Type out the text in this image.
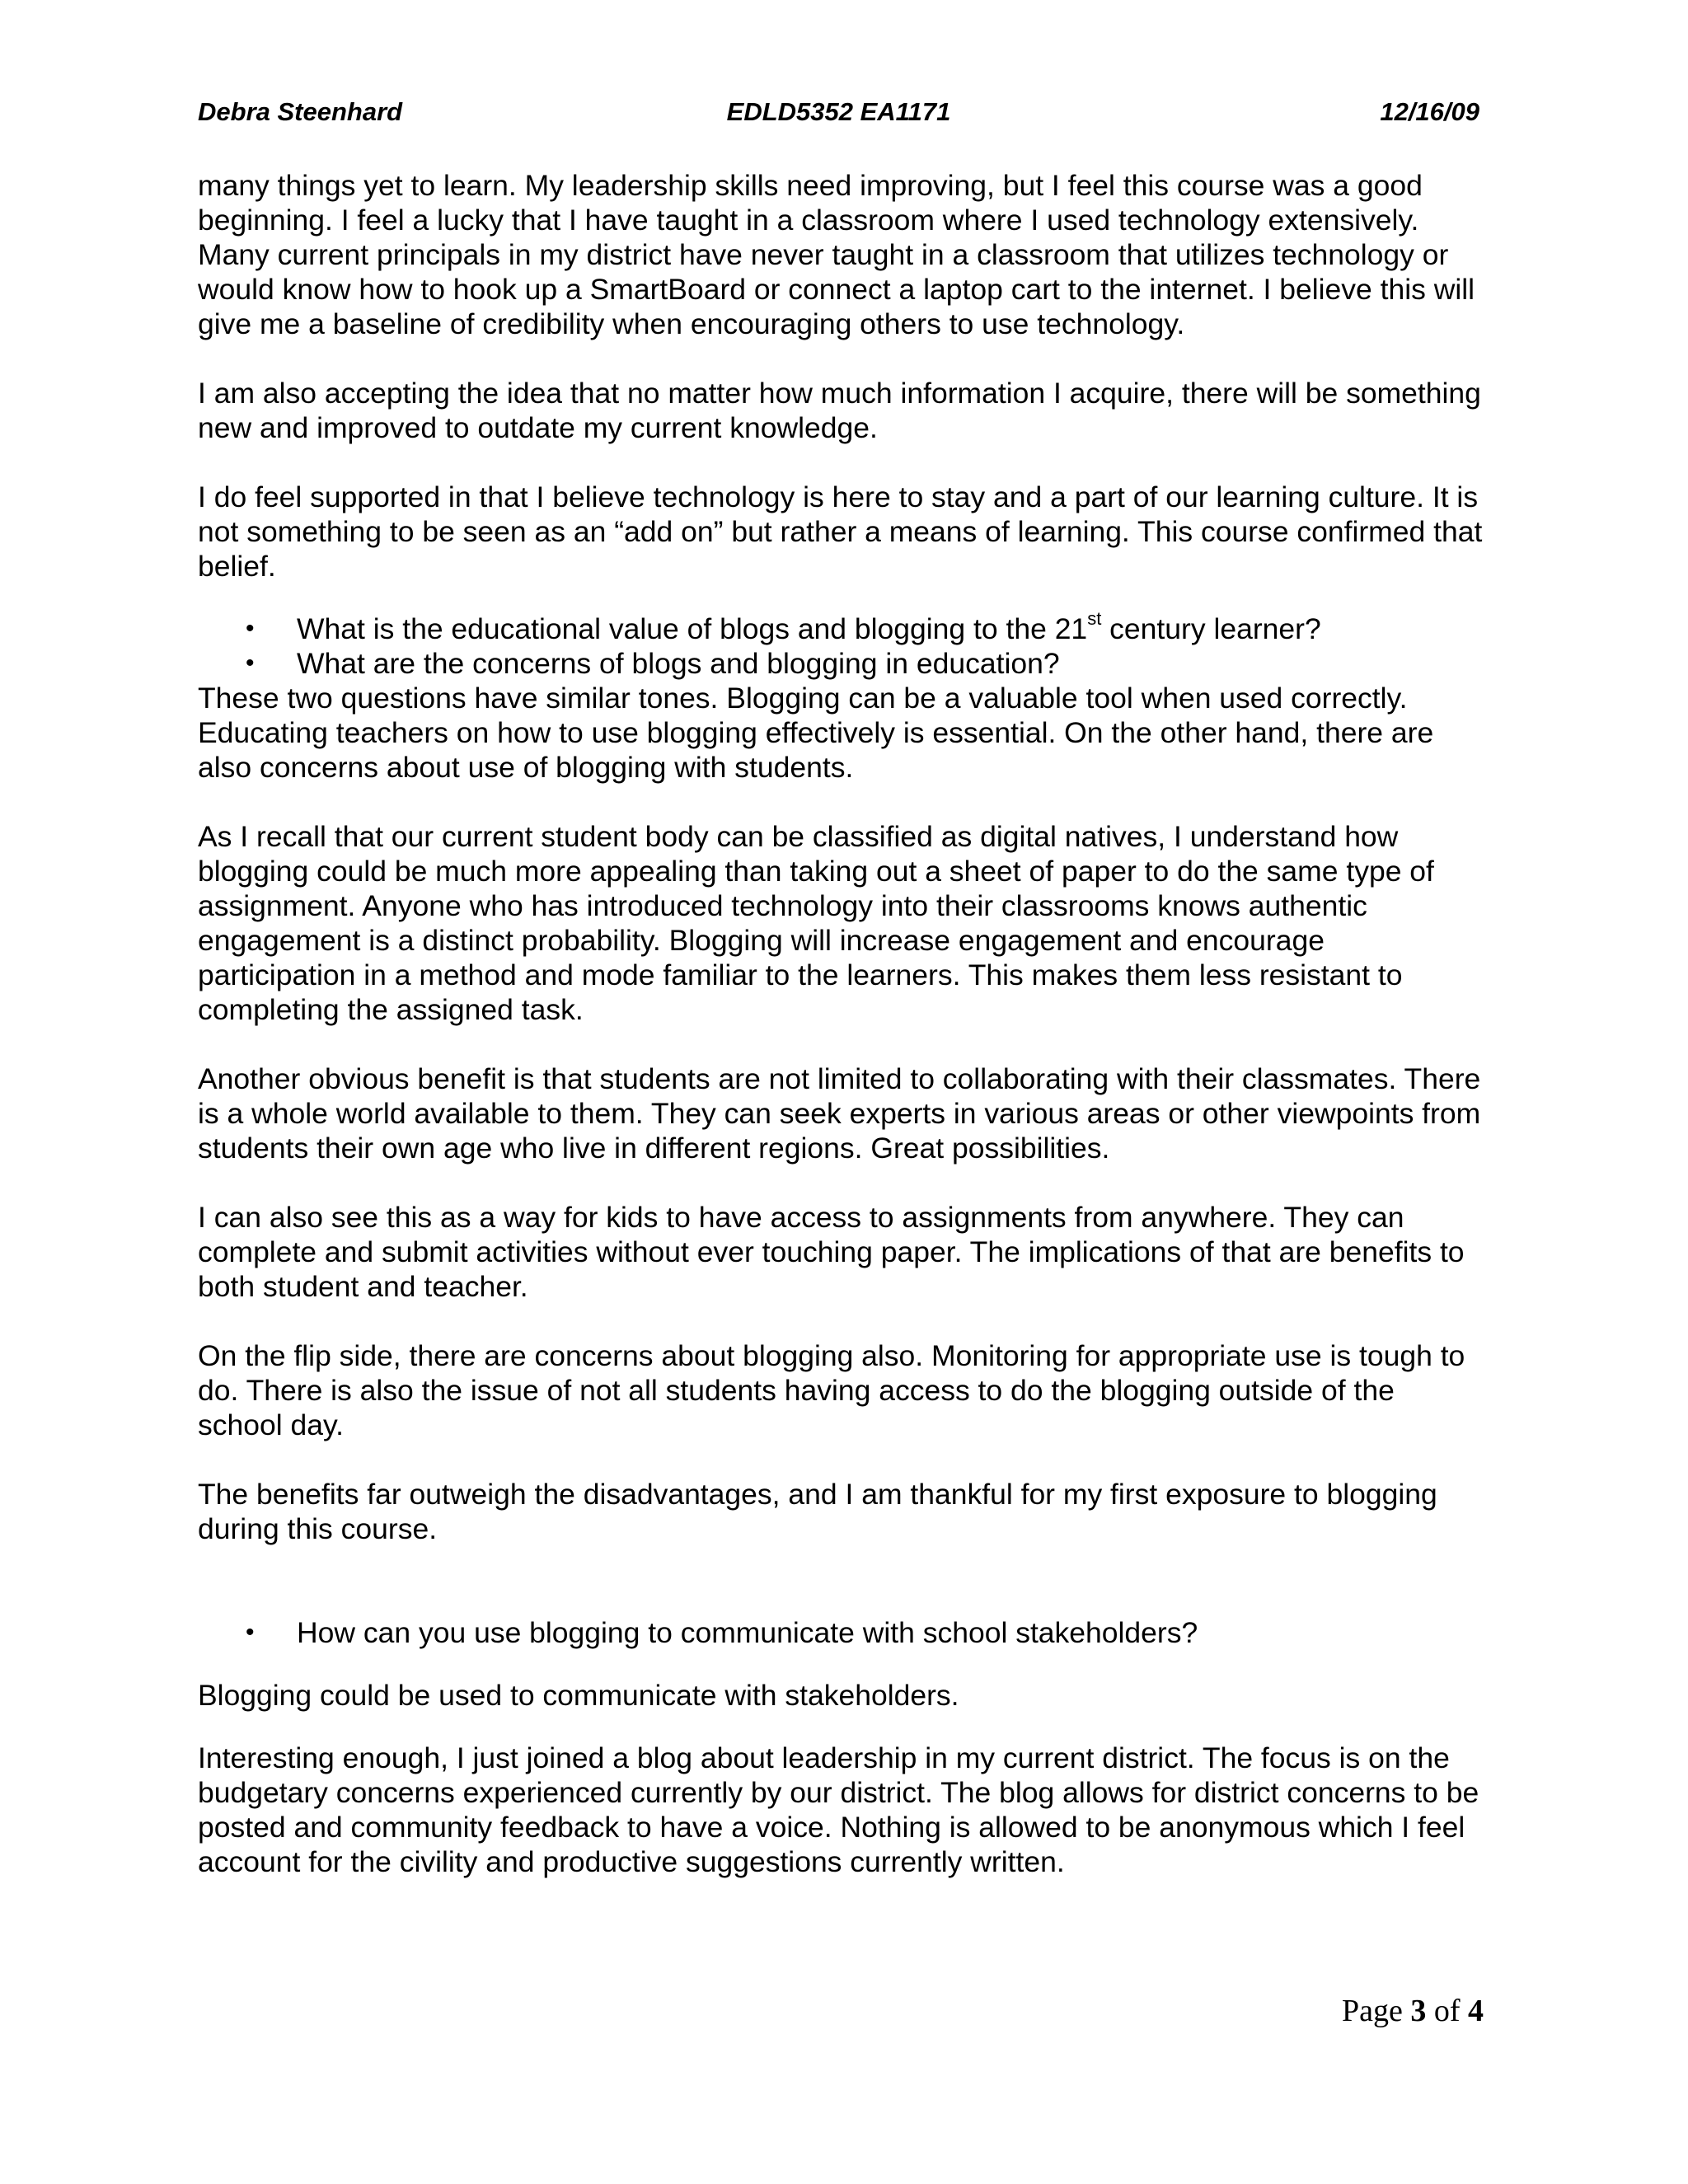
Debra Steenhard	EDLD5352 EA1171	12/16/09

many things yet to learn. My leadership skills need improving, but I feel this course was a good beginning. I feel a lucky that I have taught in a classroom where I used technology extensively. Many current principals in my district have never taught in a classroom that utilizes technology or would know how to hook up a SmartBoard or connect a laptop cart to the internet. I believe this will give me a baseline of credibility when encouraging others to use technology.

I am also accepting the idea that no matter how much information I acquire, there will be something new and improved to outdate my current knowledge.

I do feel supported in that I believe technology is here to stay and a part of our learning culture. It is not something to be seen as an “add on” but rather a means of learning. This course confirmed that belief.

• What is the educational value of blogs and blogging to the 21st century learner?
• What are the concerns of blogs and blogging in education?

These two questions have similar tones. Blogging can be a valuable tool when used correctly. Educating teachers on how to use blogging effectively is essential. On the other hand, there are also concerns about use of blogging with students.

As I recall that our current student body can be classified as digital natives, I understand how blogging could be much more appealing than taking out a sheet of paper to do the same type of assignment. Anyone who has introduced technology into their classrooms knows authentic engagement is a distinct probability. Blogging will increase engagement and encourage participation in a method and mode familiar to the learners. This makes them less resistant to completing the assigned task.

Another obvious benefit is that students are not limited to collaborating with their classmates. There is a whole world available to them. They can seek experts in various areas or other viewpoints from students their own age who live in different regions. Great possibilities.

I can also see this as a way for kids to have access to assignments from anywhere. They can complete and submit activities without ever touching paper. The implications of that are benefits to both student and teacher.

On the flip side, there are concerns about blogging also. Monitoring for appropriate use is tough to do. There is also the issue of not all students having access to do the blogging outside of the school day.

The benefits far outweigh the disadvantages, and I am thankful for my first exposure to blogging during this course.

• How can you use blogging to communicate with school stakeholders?

Blogging could be used to communicate with stakeholders.

Interesting enough, I just joined a blog about leadership in my current district. The focus is on the budgetary concerns experienced currently by our district. The blog allows for district concerns to be posted and community feedback to have a voice. Nothing is allowed to be anonymous which I feel account for the civility and productive suggestions currently written.

Page 3 of 4
